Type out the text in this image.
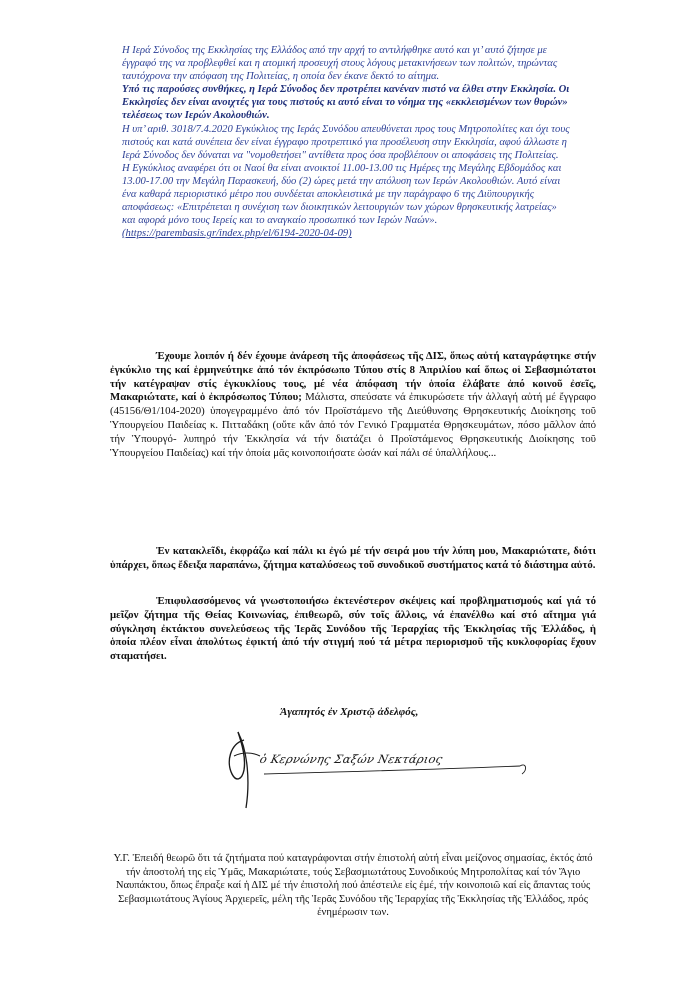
Η Ιερά Σύνοδος της Εκκλησίας της Ελλάδος από την αρχή το αντιλήφθηκε αυτό και γι’ αυτό ζήτησε με έγγραφό της να προβλεφθεί και η ατομική προσευχή στους λόγους μετακινήσεων των πολιτών, τηρώντας ταυτόχρονα την απόφαση της Πολιτείας, η οποία δεν έκανε δεκτό το αίτημα.

Υπό τις παρούσες συνθήκες, η Ιερά Σύνοδος δεν προτρέπει κανέναν πιστό να έλθει στην Εκκλησία. Οι Εκκλησίες δεν είναι ανοιχτές για τους πιστούς κι αυτό είναι το νόημα της «εκκλεισμένων των θυρών» τελέσεως των Ιερών Ακολουθιών.

Η υπ’ αριθ. 3018/7.4.2020 Εγκύκλιος της Ιεράς Συνόδου απευθύνεται προς τους Μητροπολίτες και όχι τους πιστούς και κατά συνέπεια δεν είναι έγγραφο προτρεπτικό για προσέλευση στην Εκκλησία, αφού άλλωστε η Ιερά Σύνοδος δεν δύναται να "νομοθετήσει" αντίθετα προς όσα προβλέπουν οι αποφάσεις της Πολιτείας.

Η Εγκύκλιος αναφέρει ότι οι Ναοί θα είναι ανοικτοί 11.00-13.00 τις Ημέρες της Μεγάλης Εβδομάδος και 13.00-17.00 την Μεγάλη Παρασκευή, δύο (2) ώρες μετά την απόλυση των Ιερών Ακολουθιών. Αυτό είναι ένα καθαρά περιοριστικό μέτρο που συνδέεται αποκλειστικά με την παράγραφο 6 της Διϋπουργικής αποφάσεως: «Επιτρέπεται η συνέχιση των διοικητικών λειτουργιών των χώρων θρησκευτικής λατρείας» και αφορά μόνο τους Ιερείς και το αναγκαίο προσωπικό των Ιερών Ναών». (https://parembasis.gr/index.php/el/6194-2020-04-09)

Έχουμε λοιπόν ή δέν έχουμε ἀνάρεση τῆς ἀποφάσεως τῆς ΔΙΣ, ὅπως αὐτή καταγράφτηκε στήν ἐγκύκλιο της καί ἑρμηνεύτηκε ἀπό τόν ἐκπρόσωπο Τύπου στίς 8 Ἀπριλίου καί ὅπως οἱ Σεβασμιώτατοι τήν κατέγραψαν στίς ἐγκυκλίους τους, μέ νέα ἀπόφαση τήν ὁποία ἐλάβατε ἀπό κοινοῦ ἐσεῖς, Μακαριώτατε, καί ὁ ἐκπρόσωπος Τύπου; Μάλιστα, σπεύσατε νά ἐπικυρώσετε τήν ἀλλαγή αὐτή μέ ἔγγραφο (45156/Θ1/104-2020) ὑπογεγραμμένο ἀπό τόν Προϊστάμενο τῆς Διεύθυνσης Θρησκευτικής Διοίκησης τοῦ Ὑπουργείου Παιδείας κ. Πιτταδάκη (οὔτε κἄν ἀπό τόν Γενικό Γραμματέα Θρησκευμάτων, πόσο μᾶλλον ἀπό τήν Ὑπουργό- λυπηρό τήν Ἐκκλησία νά τήν διατάζει ὁ Προϊστάμενος Θρησκευτικής Διοίκησης τοῦ Ὑπουργείου Παιδείας) καί τήν ὁποία μᾶς κοινοποιήσατε ὡσάν καί πάλι σέ ὑπαλλήλους...

Ἐν κατακλεῖδι, ἐκφράζω καί πάλι κι ἐγώ μέ τήν σειρά μου τήν λύπη μου, Μακαριώτατε, διότι ὑπάρχει, ὅπως ἔδειξα παραπάνω, ζήτημα καταλύσεως τοῦ συνοδικοῦ συστήματος κατά τό διάστημα αὐτό.

Ἐπιφυλασσόμενος νά γνωστοποιήσω ἐκτενέστερον σκέψεις καί προβληματισμούς καί γιά τό μεῖζον ζήτημα τῆς Θείας Κοινωνίας, ἐπιθεωρῶ, σύν τοῖς ἄλλοις, νά ἐπανέλθω καί στό αἴτημα γιά σύγκληση ἐκτάκτου συνελεύσεως τῆς Ἱερᾶς Συνόδου τῆς Ἱεραρχίας τῆς Ἐκκλησίας τῆς Ἑλλάδος, ἡ ὁποία πλέον εἶναι ἀπολύτως ἐφικτή ἀπό τήν στιγμή πού τά μέτρα περιορισμοῦ τῆς κυκλοφορίας ἔχουν σταματήσει.

Ἀγαπητός ἐν Χριστῷ ἀδελφός,
ὁ Κερνώνης Σαξών Νεκτάριος

Υ.Γ. Ἐπειδή θεωρῶ ὅτι τά ζητήματα πού καταγράφονται στήν ἐπιστολή αὐτή εἶναι μείζονος σημασίας, ἐκτός ἀπό τήν ἀποστολή της εἰς Ὑμᾶς, Μακαριώτατε, τούς Σεβασμιωτάτους Συνοδικούς Μητροπολίτας καί τόν Ἅγιο Ναυπάκτου, ὅπως ἔπραξε καί ἡ ΔΙΣ μέ τήν ἐπιστολή πού ἀπέστειλε εἰς ἐμέ, τήν κοινοποιῶ καί εἰς ἅπαντας τούς Σεβασμιωτάτους Ἁγίους Ἀρχιερεῖς, μέλη τῆς Ἱερᾶς Συνόδου τῆς Ἱεραρχίας τῆς Ἐκκλησίας τῆς Ἑλλάδος, πρός ἐνημέρωσιν των.
